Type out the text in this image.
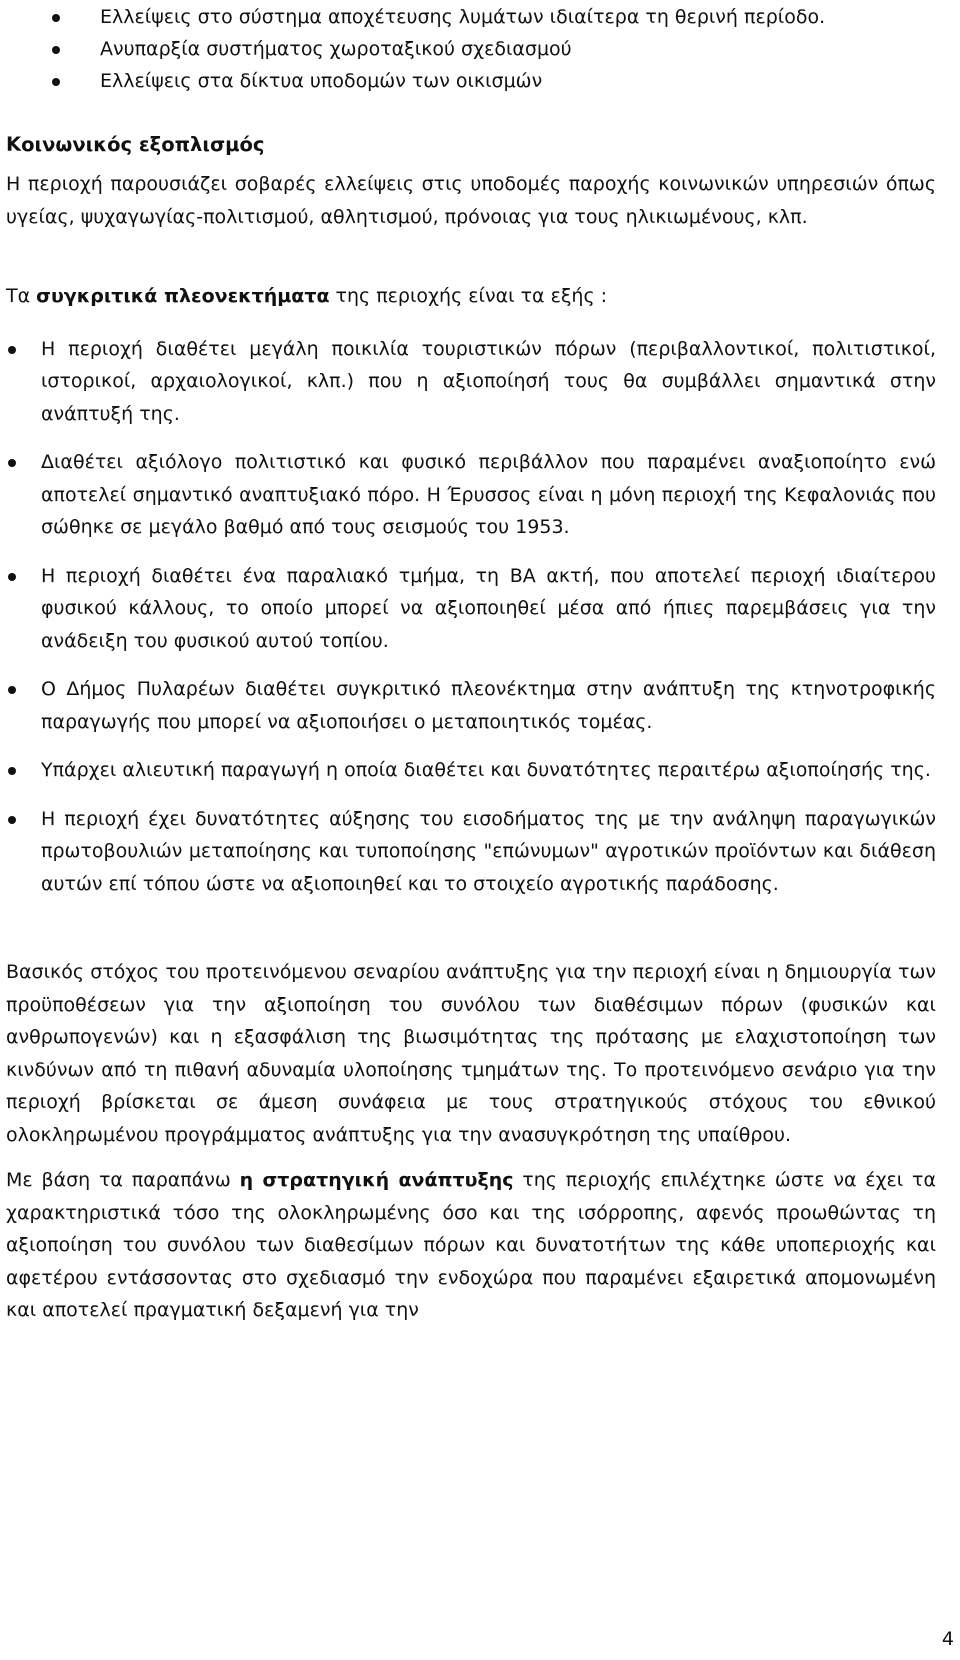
Ελλείψεις στο σύστημα αποχέτευσης λυμάτων ιδιαίτερα τη θερινή περίοδο.
Ανυπαρξία συστήματος χωροταξικού σχεδιασμού
Ελλείψεις στα δίκτυα υποδομών των οικισμών
Κοινωνικός εξοπλισμός

Η περιοχή παρουσιάζει σοβαρές ελλείψεις στις υποδομές παροχής κοινωνικών υπηρεσιών όπως υγείας, ψυχαγωγίας-πολιτισμού, αθλητισμού, πρόνοιας για τους ηλικιωμένους, κλπ.

Τα συγκριτικά πλεονεκτήματα της περιοχής είναι τα εξής :

Η περιοχή διαθέτει μεγάλη ποικιλία τουριστικών πόρων (περιβαλλοντικοί, πολιτιστικοί, ιστορικοί, αρχαιολογικοί, κλπ.) που η αξιοποίησή τους θα συμβάλλει σημαντικά στην ανάπτυξή της.
Διαθέτει αξιόλογο πολιτιστικό και φυσικό περιβάλλον που παραμένει αναξιοποίητο ενώ αποτελεί σημαντικό αναπτυξιακό πόρο. Η Έρυσσος είναι η μόνη περιοχή της Κεφαλονιάς που σώθηκε σε μεγάλο βαθμό από τους σεισμούς του 1953.
Η περιοχή διαθέτει ένα παραλιακό τμήμα, τη ΒΑ ακτή, που αποτελεί περιοχή ιδιαίτερου φυσικού κάλλους, το οποίο μπορεί να αξιοποιηθεί μέσα από ήπιες παρεμβάσεις για την ανάδειξη του φυσικού αυτού τοπίου.
Ο Δήμος Πυλαρέων διαθέτει συγκριτικό πλεονέκτημα στην ανάπτυξη της κτηνοτροφικής παραγωγής που μπορεί να αξιοποιήσει ο μεταποιητικός τομέας.
Υπάρχει αλιευτική παραγωγή η οποία διαθέτει και δυνατότητες περαιτέρω αξιοποίησής της.
Η περιοχή έχει δυνατότητες αύξησης του εισοδήματος της με την ανάληψη παραγωγικών πρωτοβουλιών μεταποίησης και τυποποίησης "επώνυμων" αγροτικών προϊόντων και διάθεση αυτών επί τόπου ώστε να αξιοποιηθεί και το στοιχείο αγροτικής παράδοσης.

Βασικός στόχος του προτεινόμενου σεναρίου ανάπτυξης για την περιοχή είναι η δημιουργία των προϋποθέσεων για την αξιοποίηση του συνόλου των διαθέσιμων πόρων (φυσικών και ανθρωπογενών) και η εξασφάλιση της βιωσιμότητας της πρότασης με ελαχιστοποίηση των κινδύνων από τη πιθανή αδυναμία υλοποίησης τμημάτων της. Το προτεινόμενο σενάριο για την περιοχή βρίσκεται σε άμεση συνάφεια με τους στρατηγικούς στόχους του εθνικού ολοκληρωμένου προγράμματος ανάπτυξης για την ανασυγκρότηση της υπαίθρου.

Με βάση τα παραπάνω η στρατηγική ανάπτυξης της περιοχής επιλέχτηκε ώστε να έχει τα χαρακτηριστικά τόσο της ολοκληρωμένης όσο και της ισόρροπης, αφενός προωθώντας τη αξιοποίηση του συνόλου των διαθεσίμων πόρων και δυνατοτήτων της κάθε υποπεριοχής και αφετέρου εντάσσοντας στο σχεδιασμό την ενδοχώρα που παραμένει εξαιρετικά απομονωμένη και αποτελεί πραγματική δεξαμενή για την

4
